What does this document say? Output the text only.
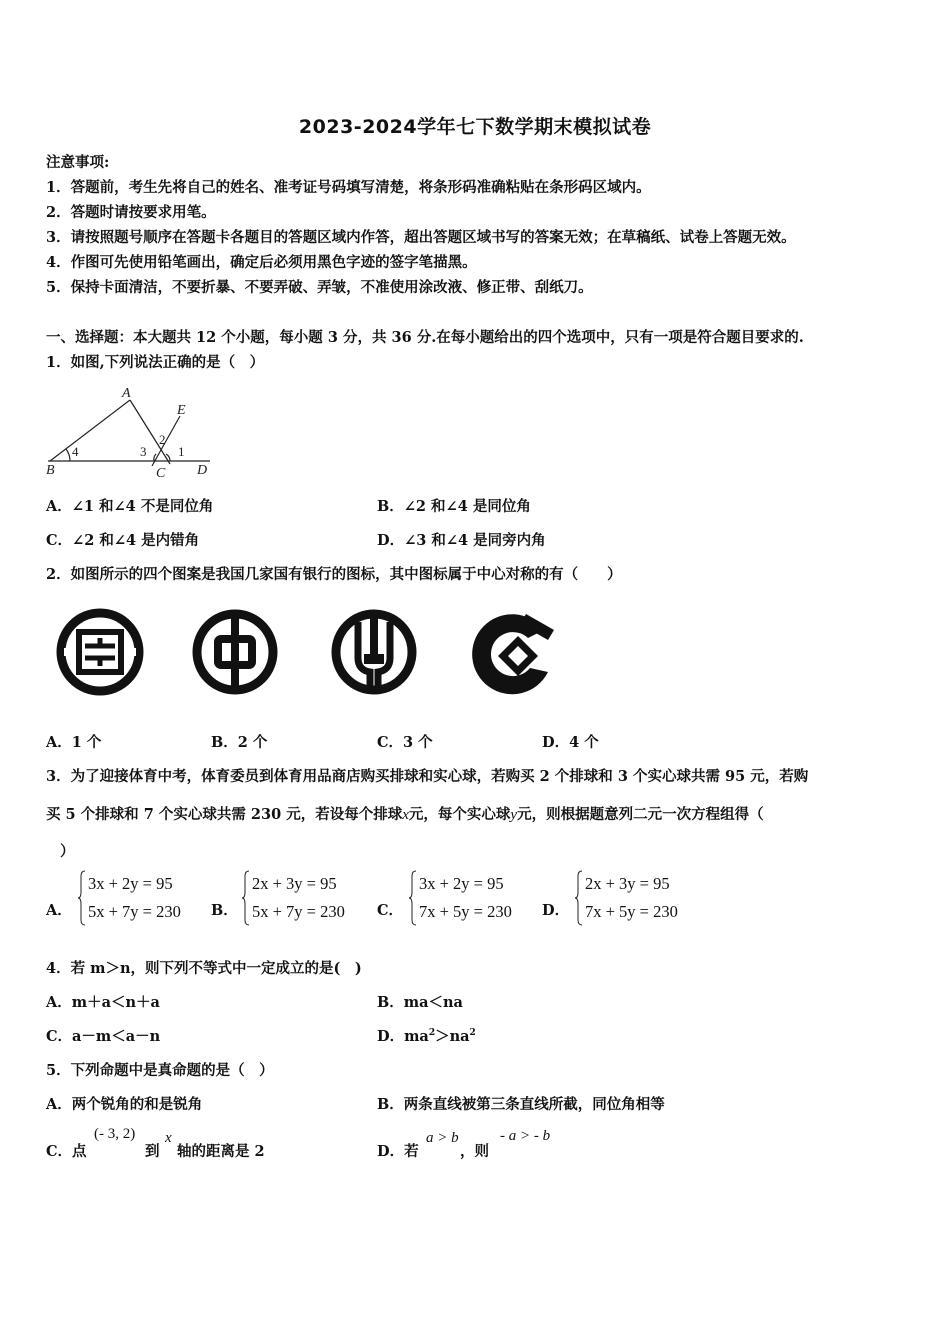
2023-2024学年七下数学期末模拟试卷
注意事项:
1．答题前，考生先将自己的姓名、准考证号码填写清楚，将条形码准确粘贴在条形码区域内。
2．答题时请按要求用笔。
3．请按照题号顺序在答题卡各题目的答题区域内作答，超出答题区域书写的答案无效；在草稿纸、试卷上答题无效。
4．作图可先使用铅笔画出，确定后必须用黑色字迹的签字笔描黑。
5．保持卡面清洁，不要折暴、不要弄破、弄皱，不准使用涂改液、修正带、刮纸刀。
一、选择题：本大题共 12 个小题，每小题 3 分，共 36 分.在每小题给出的四个选项中，只有一项是符合题目要求的.
1．如图,下列说法正确的是（　）
A
B	C D
E
1
2
3
4
A．∠1 和∠4 不是同位角	B．∠2 和∠4 是同位角
C．∠2 和∠4 是内错角	D．∠3 和∠4 是同旁内角
2．如图所示的四个图案是我国几家国有银行的图标，其中图标属于中心对称的有（　　）
A．1 个	B．2 个	C．3 个	D．4 个
3．为了迎接体育中考，体育委员到体育用品商店购买排球和实心球，若购买 2 个排球和 3 个实心球共需 95 元，若购
买 5 个排球和 7 个实心球共需 230 元，若设每个排球x元，每个实心球y元，则根据题意列二元一次方程组得（
）
A．
3x + 2y = 95
5x + 7y = 230 B．
2x + 3y = 95
5x + 7y = 230 C．
3x + 2y = 95
7x + 5y = 230 D．
2x + 3y = 95
7x + 5y = 230
4．若 m＞n，则下列不等式中一定成立的是(　)
A．m＋a＜n＋a	B．ma＜na
C．a－m＜a－n	D．$ma^2>na^2$
5．下列命题中是真命题的是（　）
A．两个锐角的和是锐角	B．两条直线被第三条直线所截，同位角相等
C．点
(- 3, 2)
到
x
轴的距离是 2	D．若
a > b
，则
- a > - b
